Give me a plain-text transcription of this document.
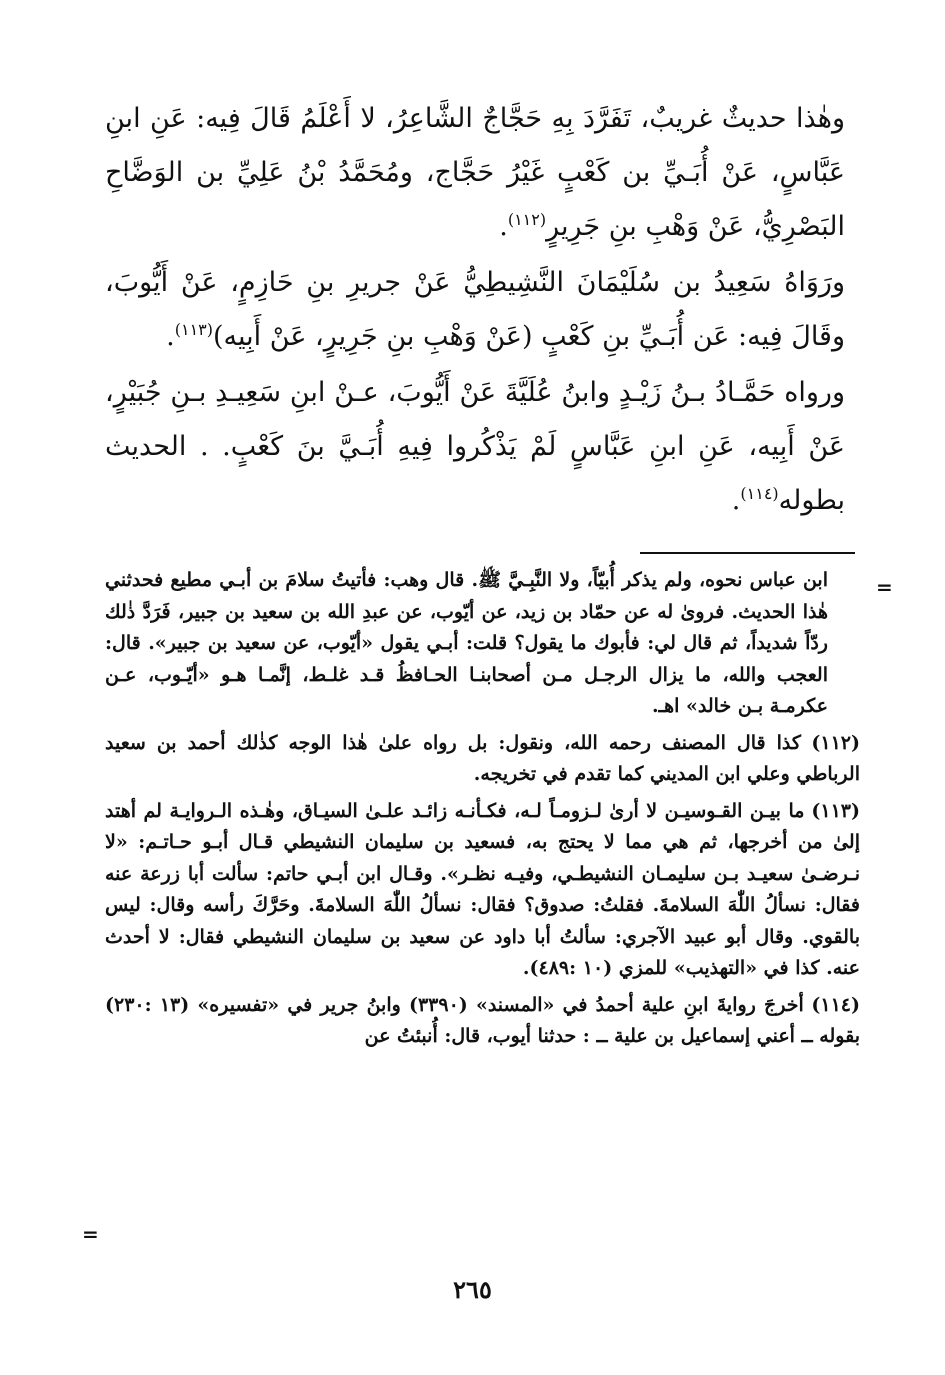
وهٰذا حديثٌ غريبٌ، تَفَرَّدَ بِهِ حَجَّاجٌ الشَّاعِرُ، لا أَعْلَمُ قَالَ فِيه: عَنِ ابنِ عَبَّاسٍ، عَنْ أُبَـيِّ بن كَعْبٍ غَيْرُ حَجَّاج، ومُحَمَّدُ بْنُ عَلِيِّ بن الوَضَّاحِ البَصْرِيُّ، عَنْ وَهْبِ بنِ جَرِيرٍ$^{(١١٢)}$.

ورَوَاهُ سَعِيدُ بن سُلَيْمَانَ النَّشِيطِيُّ عَنْ جريرِ بنِ حَازِمٍ، عَنْ أَيُّوبَ، وقَالَ فِيه: عَن أُبَـيِّ بنِ كَعْبٍ (عَنْ وَهْبِ بنِ جَرِيرٍ، عَنْ أَبِيه)$^{(١١٣)}$.

ورواه حَمَّـادُ بـنُ زَيْـدٍ وابنُ عُلَيَّةَ عَنْ أَيُّوبَ، عـنْ ابنِ سَعِيـدِ بـنِ جُبَيْرٍ، عَنْ أَبِيه، عَنِ ابنِ عَبَّاسٍ لَمْ يَذْكُروا فِيهِ أُبَـيَّ بنَ كَعْبٍ. . الحديث بطوله$^{(١١٤)}$.

=
ابن عباس نحوه، ولم يذكر أُبيّاً، ولا النَّبِـيَّ ﷺ. قال وهب: فأتيتُ سلامَ بن أبـي مطيع فحدثني هٰذا الحديث. فروىٰ له عن حمّاد بن زيد، عن أيّوب، عن عبدِ الله بن سعيد بن جبير، فَرَدَّ ذٰلك ردّاً شديداً، ثم قال لي: فأبوك ما يقول؟ قلت: أبـي يقول «أيّوب، عن سعيد بن جبير». قال: العجب والله، ما يزال الرجـل مـن أصحابنـا الحـافظُ قـد غلـط، إنَّمـا هـو «أيّـوب، عـن عكرمـة بـن خالد» اهـ.
(١١٢) كذا قال المصنف رحمه الله، ونقول: بل رواه علىٰ هٰذا الوجه كذٰلك أحمد بن سعيد الرباطي وعلي ابن المديني كما تقدم في تخريجه.
(١١٣) ما بيـن القـوسيـن لا أرىٰ لـزومـاً لـه، فكـأنـه زائـد علـىٰ السيـاق، وهٰـذه الـروايـة لم أهتد إلىٰ من أخرجها، ثم هي مما لا يحتج به، فسعيد بن سليمان النشيطي قـال أبـو حـاتـم: «لا نـرضـىٰ سعيـد بـن سليمـان النشيطـي، وفيـه نظـر». وقـال ابن أبـي حاتم: سألت أبا زرعة عنه فقال: نسألُ اللّٰهَ السلامةَ. فقلتُ: صدوق؟ فقال: نسألُ اللّٰهَ السلامةَ. وحَرَّكَ رأسه وقال: ليس بالقوي. وقال أبو عبيد الآجري: سألتُ أبا داود عن سعيد بن سليمان النشيطي فقال: لا أحدث عنه. كذا في «التهذيب» للمزي (١٠ :٤٨٩).
(١١٤) أخرجَ روايةَ ابنِ علية أحمدُ في «المسند» (٣٣٩٠) وابنُ جرير في «تفسيره» (١٣ :٢٣٠) بقوله ــ أعني إسماعيل بن علية ــ : حدثنا أيوب، قال: أُنبئتُ عن
=
٢٦٥
